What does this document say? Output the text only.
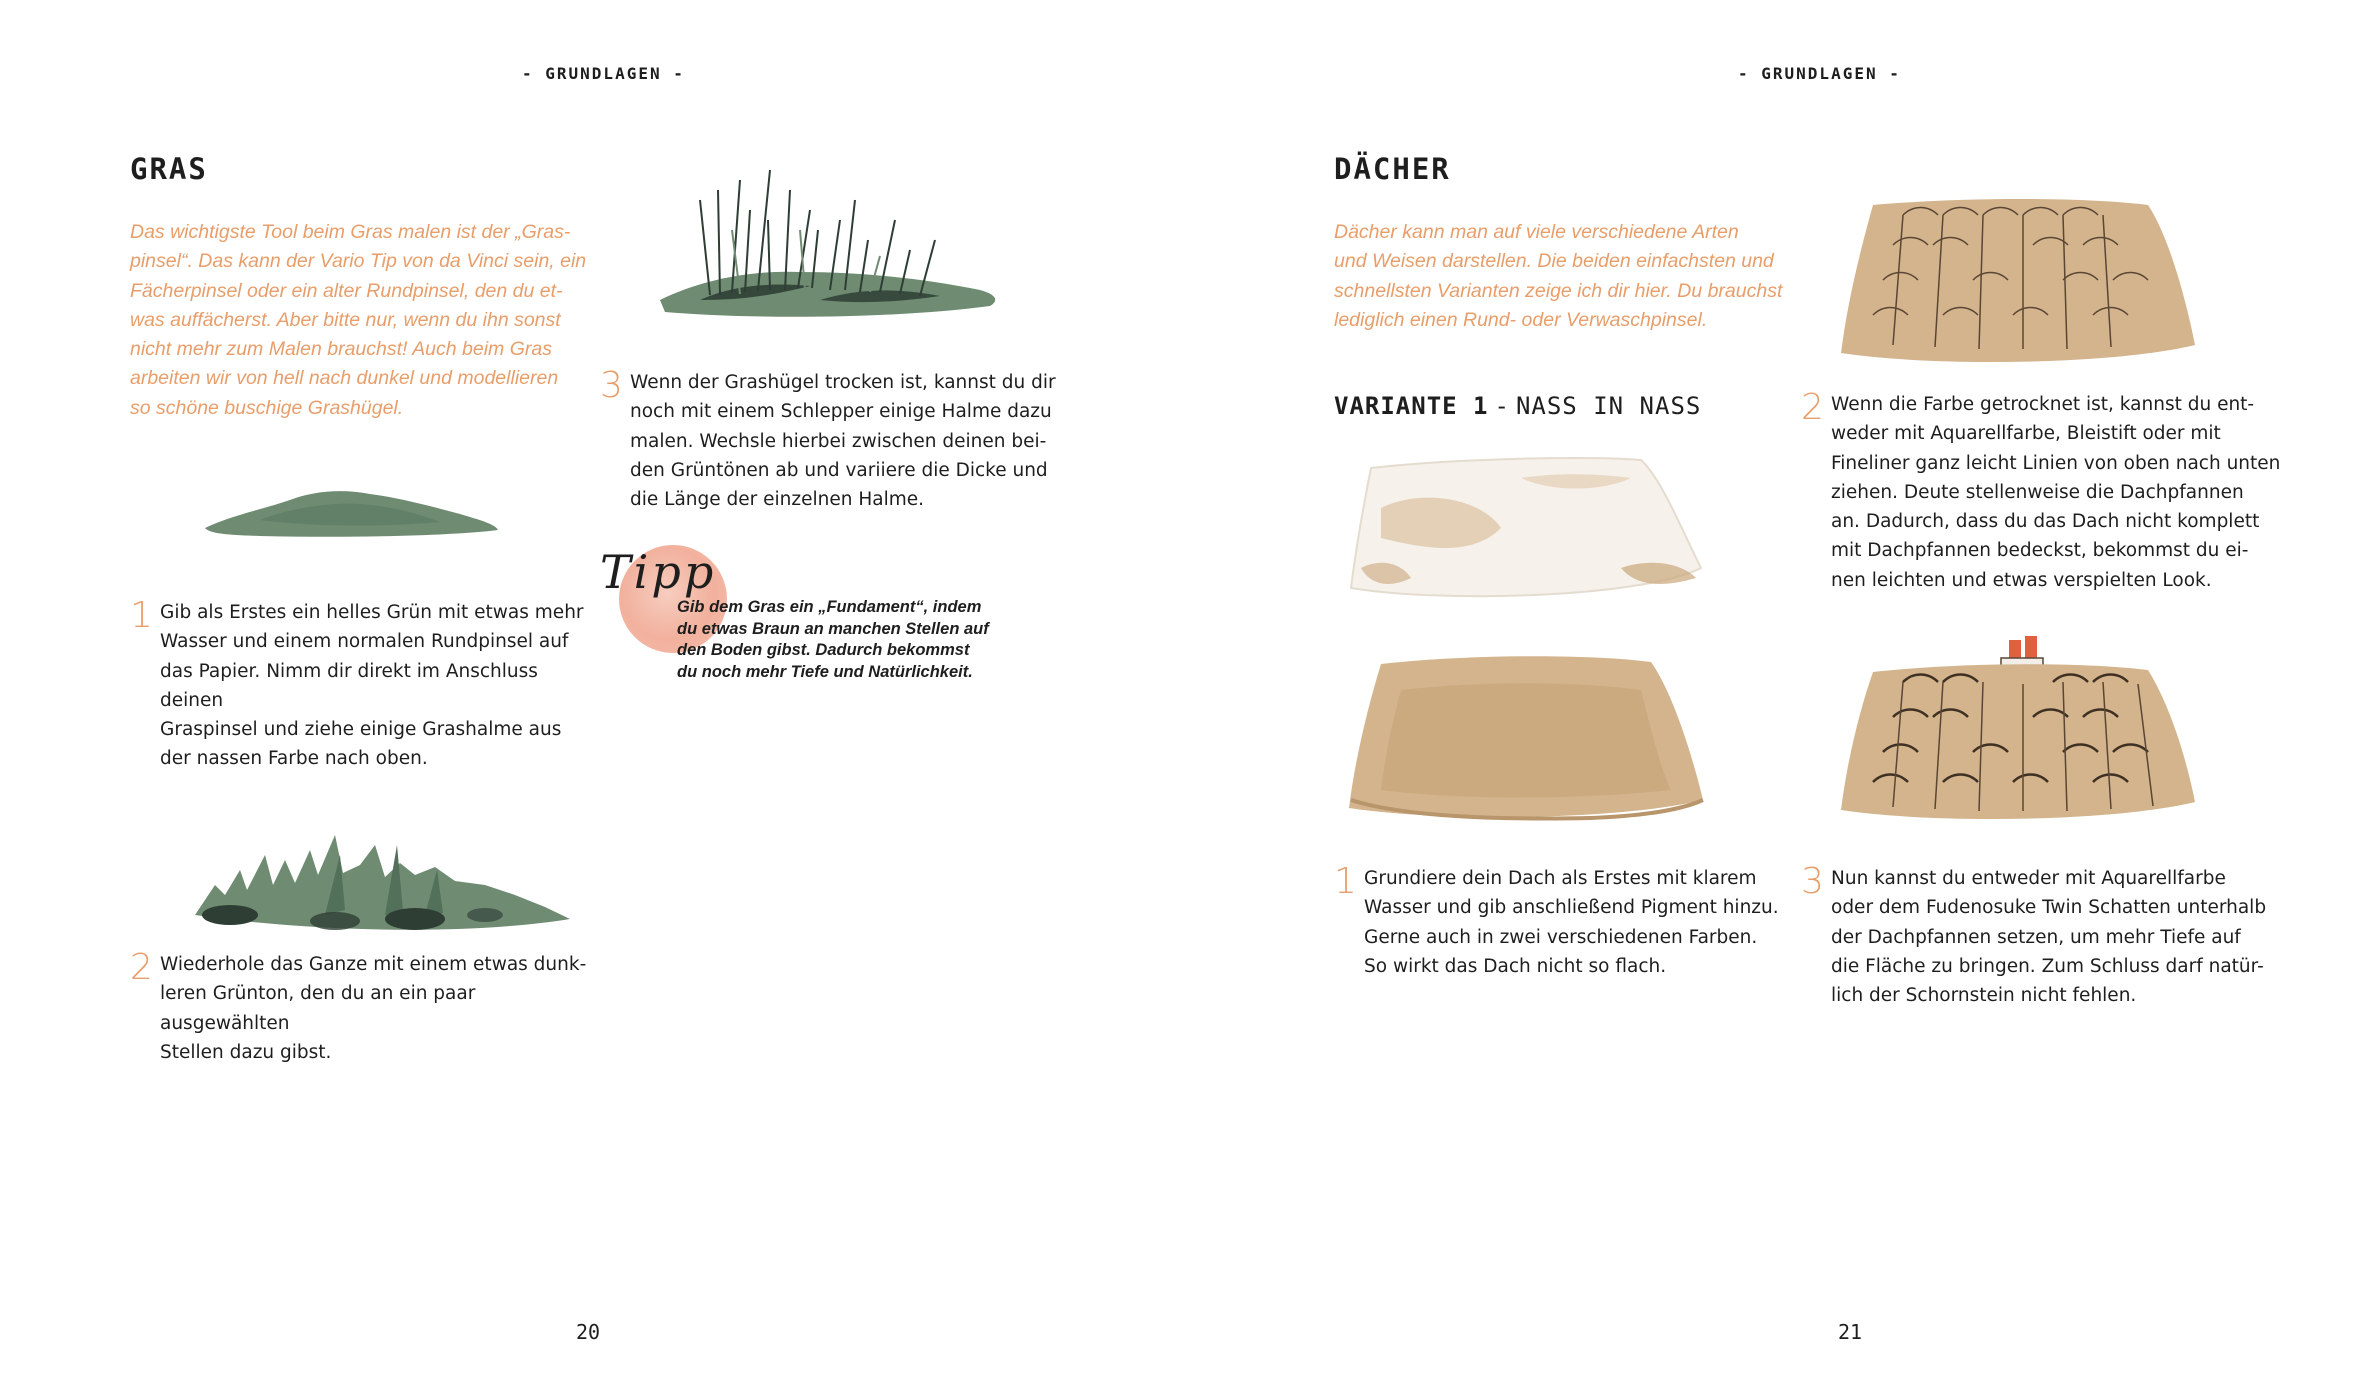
- GRUNDLAGEN -
GRAS
Das wichtigste Tool beim Gras malen ist der „Gras-
pinsel“. Das kann der Vario Tip von da Vinci sein, ein
Fächerpinsel oder ein alter Rundpinsel, den du et-
was auffächerst. Aber bitte nur, wenn du ihn sonst
nicht mehr zum Malen brauchst! Auch beim Gras
arbeiten wir von hell nach dunkel und modellieren
so schöne buschige Grashügel.
1 Gib als Erstes ein helles Grün mit etwas mehr
Wasser und einem normalen Rundpinsel auf
das Papier. Nimm dir direkt im Anschluss deinen
Graspinsel und ziehe einige Grashalme aus
der nassen Farbe nach oben.
2 Wiederhole das Ganze mit einem etwas dunk-
leren Grünton, den du an ein paar ausgewählten
Stellen dazu gibst.
3 Wenn der Grashügel trocken ist, kannst du dir
noch mit einem Schlepper einige Halme dazu
malen. Wechsle hierbei zwischen deinen bei-
den Grüntönen ab und variiere die Dicke und
die Länge der einzelnen Halme.
Tipp
Gib dem Gras ein „Fundament“, indem
du etwas Braun an manchen Stellen auf
den Boden gibst. Dadurch bekommst
du noch mehr Tiefe und Natürlichkeit.
20
- GRUNDLAGEN -
DÄCHER
Dächer kann man auf viele verschiedene Arten
und Weisen darstellen. Die beiden einfachsten und
schnellsten Varianten zeige ich dir hier. Du brauchst
lediglich einen Rund- oder Verwaschpinsel.
VARIANTE 1 - NASS IN NASS
1 Grundiere dein Dach als Erstes mit klarem
Wasser und gib anschließend Pigment hinzu.
Gerne auch in zwei verschiedenen Farben.
So wirkt das Dach nicht so flach.
2 Wenn die Farbe getrocknet ist, kannst du ent-
weder mit Aquarellfarbe, Bleistift oder mit
Fineliner ganz leicht Linien von oben nach unten
ziehen. Deute stellenweise die Dachpfannen
an. Dadurch, dass du das Dach nicht komplett
mit Dachpfannen bedeckst, bekommst du ei-
nen leichten und etwas verspielten Look.
3 Nun kannst du entweder mit Aquarellfarbe
oder dem Fudenosuke Twin Schatten unterhalb
der Dachpfannen setzen, um mehr Tiefe auf
die Fläche zu bringen. Zum Schluss darf natür-
lich der Schornstein nicht fehlen.
21
